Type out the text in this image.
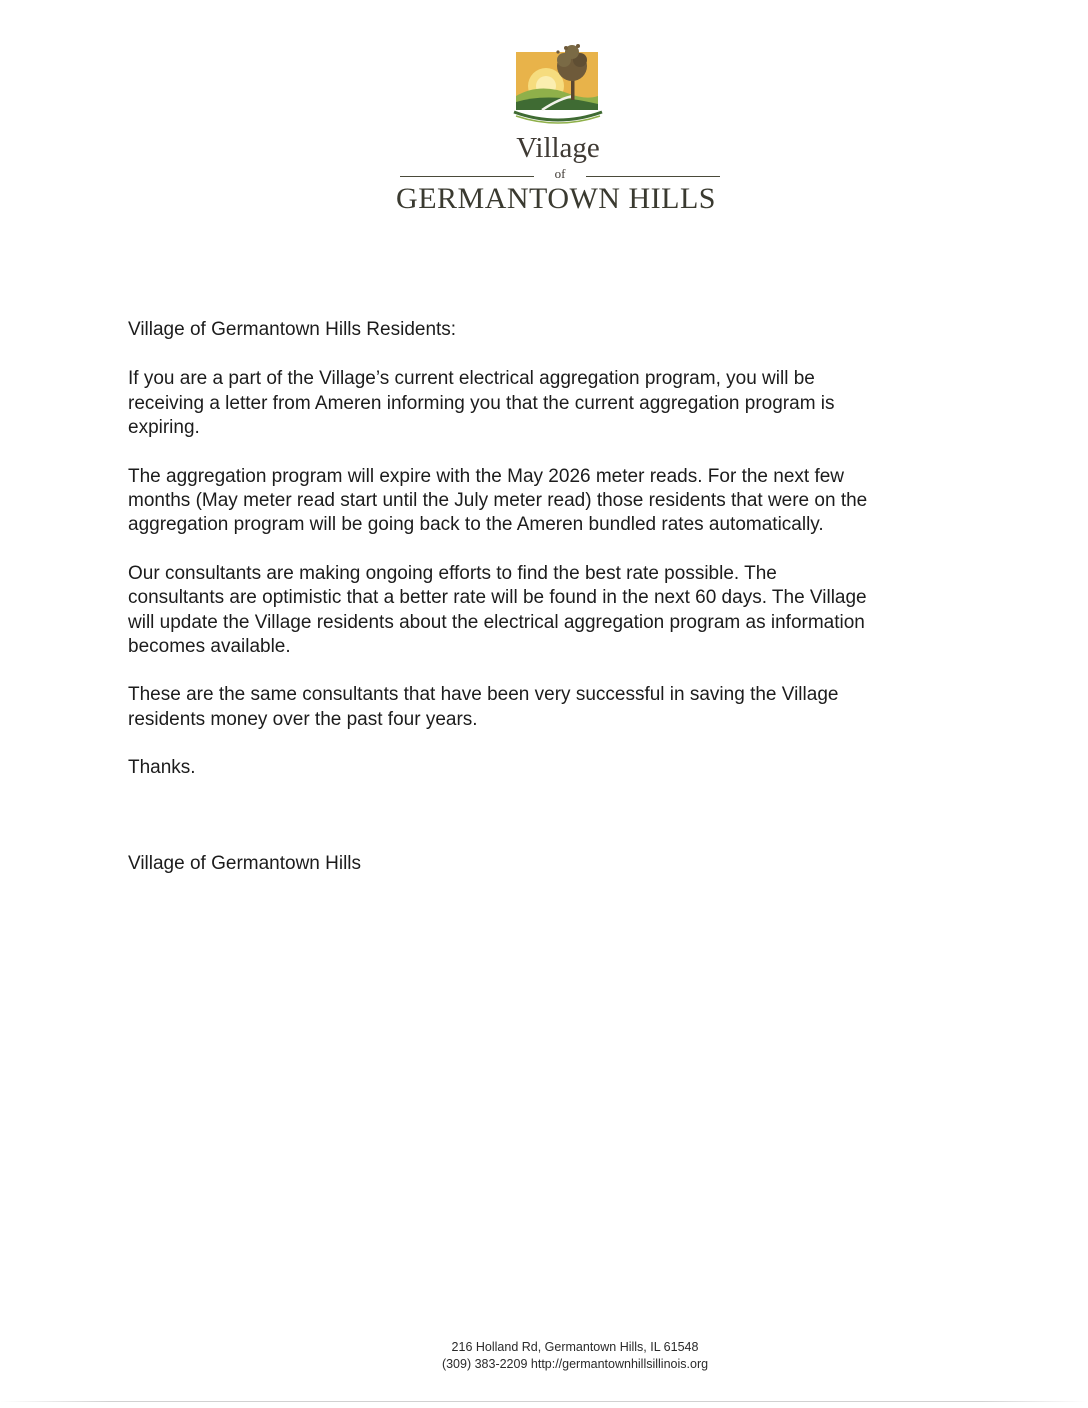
Village
of
GERMANTOWN HILLS

Village of Germantown Hills Residents:

If you are a part of the Village’s current electrical aggregation program, you will be
receiving a letter from Ameren informing you that the current aggregation program is
expiring.

The aggregation program will expire with the May 2026 meter reads. For the next few
months (May meter read start until the July meter read) those residents that were on the
aggregation program will be going back to the Ameren bundled rates automatically.

Our consultants are making ongoing efforts to find the best rate possible. The
consultants are optimistic that a better rate will be found in the next 60 days. The Village
will update the Village residents about the electrical aggregation program as information
becomes available.

These are the same consultants that have been very successful in saving the Village
residents money over the past four years.

Thanks.

Village of Germantown Hills

216 Holland Rd, Germantown Hills, IL 61548
(309) 383-2209 http://germantownhillsillinois.org
